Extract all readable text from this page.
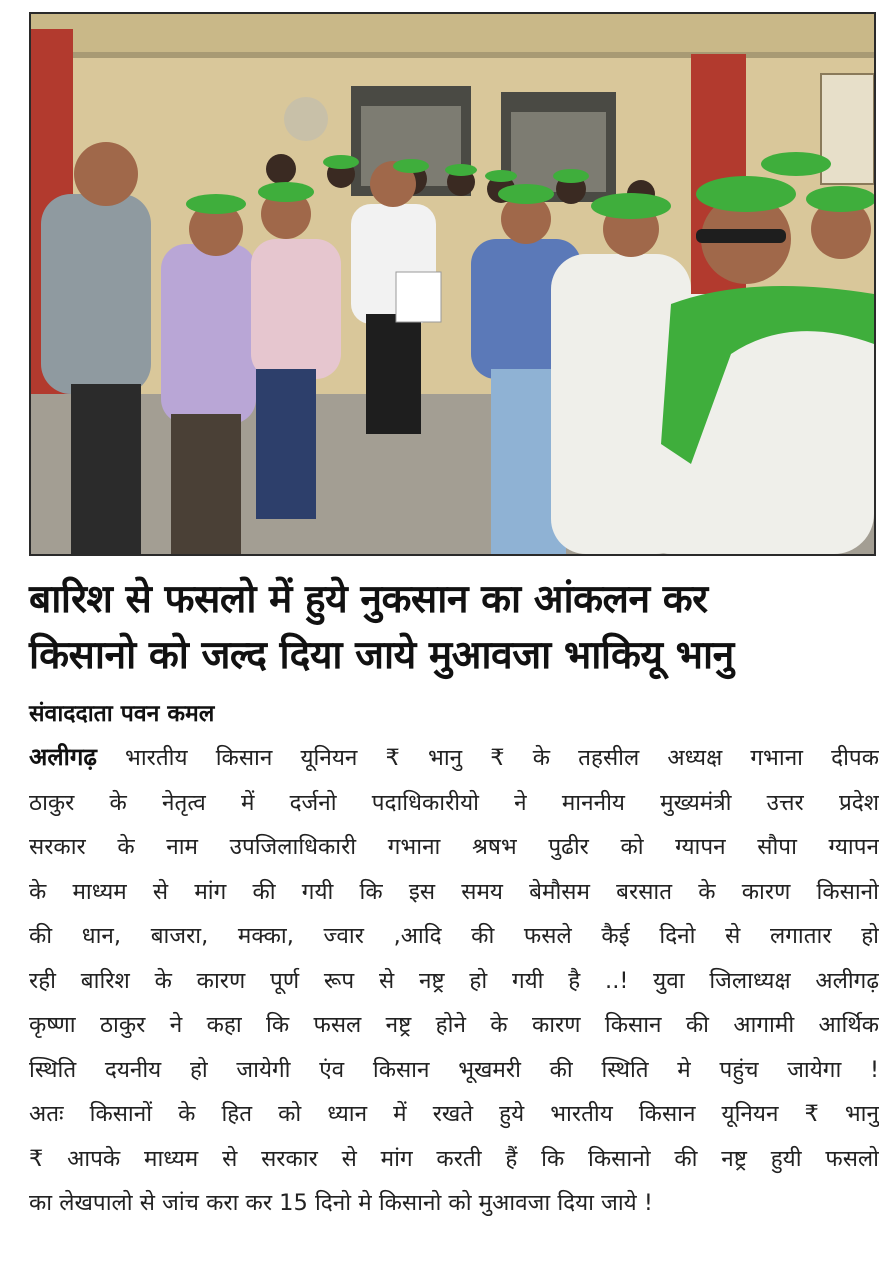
बारिश से फसलो में हुये नुकसान का आंकलन कर
किसानो को जल्द दिया जाये मुआवजा भाकियू भानु
संवाददाता पवन कमल
अलीगढ़ भारतीय किसान यूनियन ₹ भानु ₹ के तहसील अध्यक्ष गभाना दीपक
ठाकुर के नेतृत्व में दर्जनो पदाधिकारीयो ने माननीय मुख्यमंत्री उत्तर प्रदेश
सरकार के नाम उपजिलाधिकारी गभाना श्रषभ पुढीर को ग्यापन सौपा ग्यापन
के माध्यम से मांग की गयी कि इस समय बेमौसम बरसात के कारण किसानो
की धान, बाजरा, मक्का, ज्वार ,आदि की फसले कैई दिनो से लगातार हो
रही बारिश के कारण पूर्ण रूप से नष्ट्र हो गयी है ..! युवा जिलाध्यक्ष अलीगढ़
कृष्णा ठाकुर ने कहा कि फसल नष्ट्र होने के कारण किसान की आगामी आर्थिक
स्थिति दयनीय हो जायेगी एंव किसान भूखमरी की स्थिति मे पहुंच जायेगा !
अतः किसानों के हित को ध्यान में रखते हुये भारतीय किसान यूनियन ₹ भानु
₹ आपके माध्यम से सरकार से मांग करती हैं कि किसानो की नष्ट्र हुयी फसलो
का लेखपालो से जांच करा कर 15 दिनो मे किसानो को मुआवजा दिया जाये !
